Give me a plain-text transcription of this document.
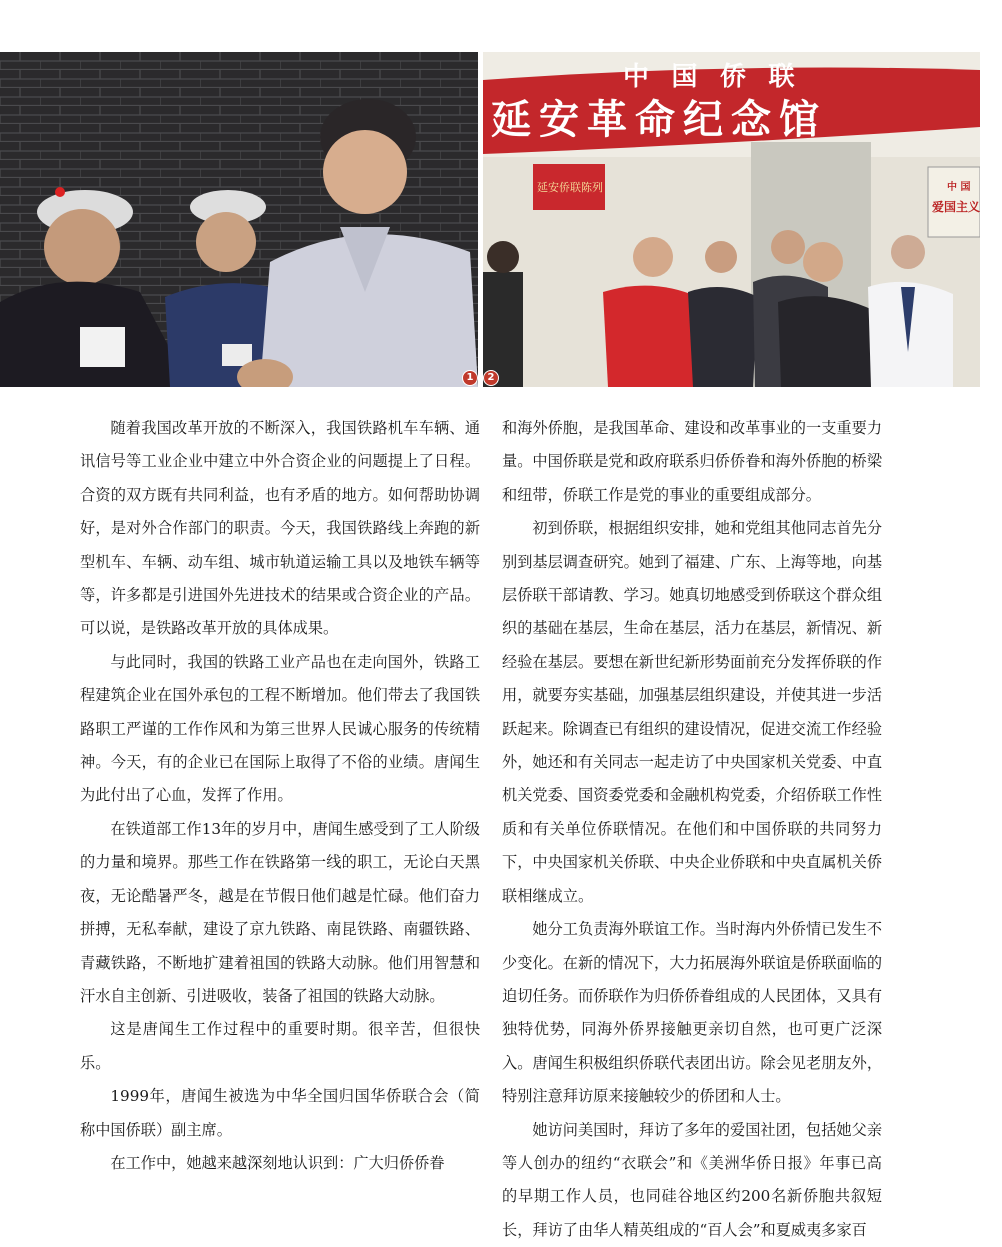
1
中 国 侨 联
延安革命纪念馆
延安侨联陈列	中 国
爱国主义
2

随着我国改革开放的不断深入，我国铁路机车车辆、通讯信号等工业企业中建立中外合资企业的问题提上了日程。合资的双方既有共同利益，也有矛盾的地方。如何帮助协调好，是对外合作部门的职责。今天，我国铁路线上奔跑的新型机车、车辆、动车组、城市轨道运输工具以及地铁车辆等等，许多都是引进国外先进技术的结果或合资企业的产品。可以说，是铁路改革开放的具体成果。

与此同时，我国的铁路工业产品也在走向国外，铁路工程建筑企业在国外承包的工程不断增加。他们带去了我国铁路职工严谨的工作作风和为第三世界人民诚心服务的传统精神。今天，有的企业已在国际上取得了不俗的业绩。唐闻生为此付出了心血，发挥了作用。

在铁道部工作13年的岁月中，唐闻生感受到了工人阶级的力量和境界。那些工作在铁路第一线的职工，无论白天黑夜，无论酷暑严冬，越是在节假日他们越是忙碌。他们奋力拼搏，无私奉献，建设了京九铁路、南昆铁路、南疆铁路、青藏铁路，不断地扩建着祖国的铁路大动脉。他们用智慧和汗水自主创新、引进吸收，装备了祖国的铁路大动脉。

这是唐闻生工作过程中的重要时期。很辛苦，但很快乐。

1999年，唐闻生被选为中华全国归国华侨联合会（简称中国侨联）副主席。

在工作中，她越来越深刻地认识到：广大归侨侨眷

和海外侨胞，是我国革命、建设和改革事业的一支重要力量。中国侨联是党和政府联系归侨侨眷和海外侨胞的桥梁和纽带，侨联工作是党的事业的重要组成部分。

初到侨联，根据组织安排，她和党组其他同志首先分别到基层调查研究。她到了福建、广东、上海等地，向基层侨联干部请教、学习。她真切地感受到侨联这个群众组织的基础在基层，生命在基层，活力在基层，新情况、新经验在基层。要想在新世纪新形势面前充分发挥侨联的作用，就要夯实基础，加强基层组织建设，并使其进一步活跃起来。除调查已有组织的建设情况，促进交流工作经验外，她还和有关同志一起走访了中央国家机关党委、中直机关党委、国资委党委和金融机构党委，介绍侨联工作性质和有关单位侨联情况。在他们和中国侨联的共同努力下，中央国家机关侨联、中央企业侨联和中央直属机关侨联相继成立。

她分工负责海外联谊工作。当时海内外侨情已发生不少变化。在新的情况下，大力拓展海外联谊是侨联面临的迫切任务。而侨联作为归侨侨眷组成的人民团体，又具有独特优势，同海外侨界接触更亲切自然，也可更广泛深入。唐闻生积极组织侨联代表团出访。除会见老朋友外，特别注意拜访原来接触较少的侨团和人士。

她访问美国时，拜访了多年的爱国社团，包括她父亲等人创办的纽约“衣联会”和《美洲华侨日报》年事已高的早期工作人员，也同硅谷地区约200名新侨胞共叙短长，拜访了由华人精英组成的“百人会”和夏威夷多家百
